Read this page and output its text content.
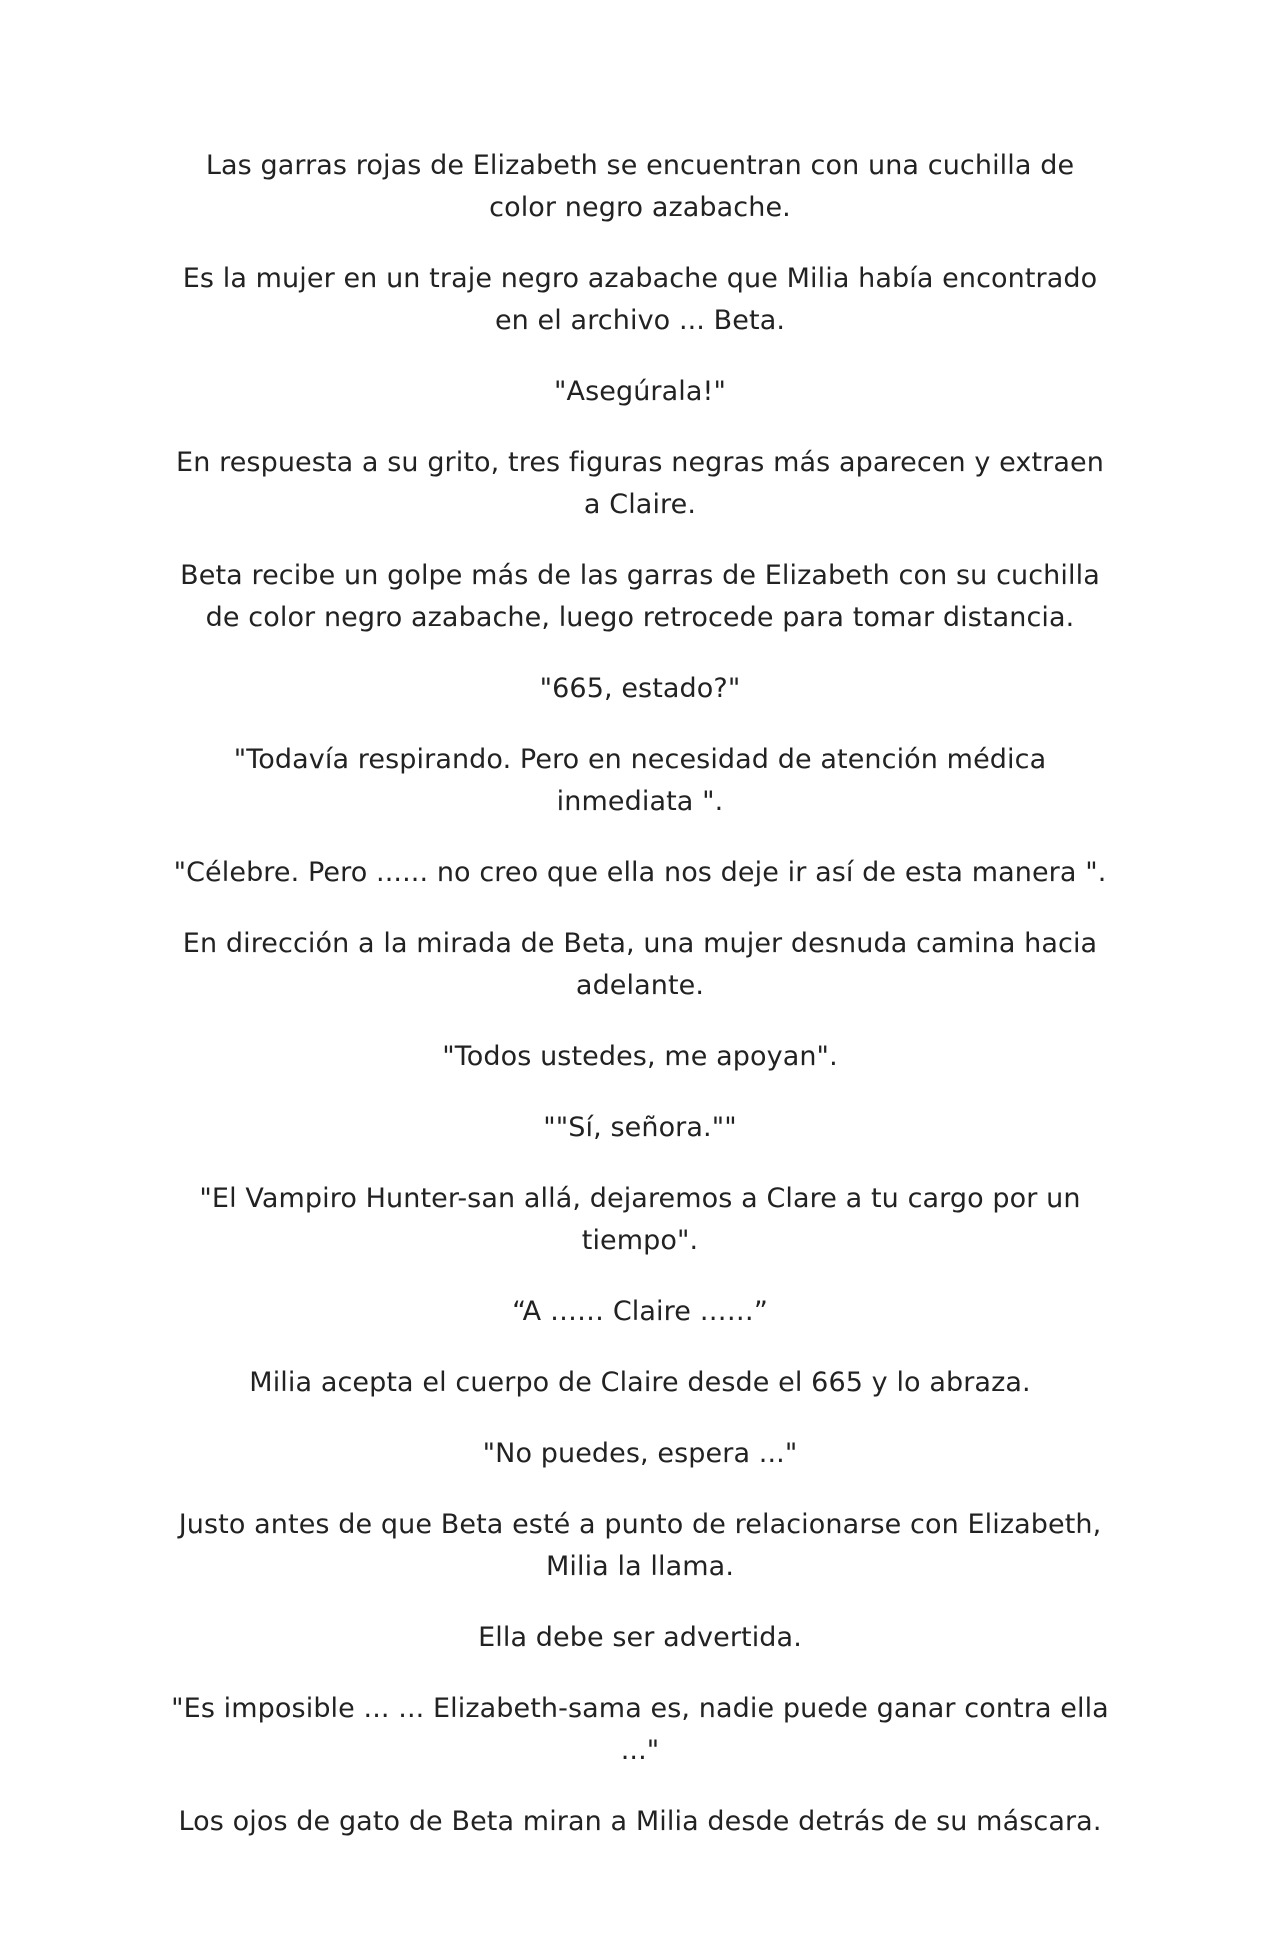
Las garras rojas de Elizabeth se encuentran con una cuchilla de color negro azabache.

Es la mujer en un traje negro azabache que Milia había encontrado en el archivo ... Beta.

"Asegúrala!"

En respuesta a su grito, tres figuras negras más aparecen y extraen a Claire.

Beta recibe un golpe más de las garras de Elizabeth con su cuchilla de color negro azabache, luego retrocede para tomar distancia.

"665, estado?"

"Todavía respirando. Pero en necesidad de atención médica inmediata ".

"Célebre. Pero ...... no creo que ella nos deje ir así de esta manera ".

En dirección a la mirada de Beta, una mujer desnuda camina hacia adelante.

"Todos ustedes, me apoyan".

""Sí, señora.""

"El Vampiro Hunter-san allá, dejaremos a Clare a tu cargo por un tiempo".

“A …… Claire ……”

Milia acepta el cuerpo de Claire desde el 665 y lo abraza.

"No puedes, espera ..."

Justo antes de que Beta esté a punto de relacionarse con Elizabeth, Milia la llama.

Ella debe ser advertida.

"Es imposible ... ... Elizabeth-sama es, nadie puede ganar contra ella ..."

Los ojos de gato de Beta miran a Milia desde detrás de su máscara.
